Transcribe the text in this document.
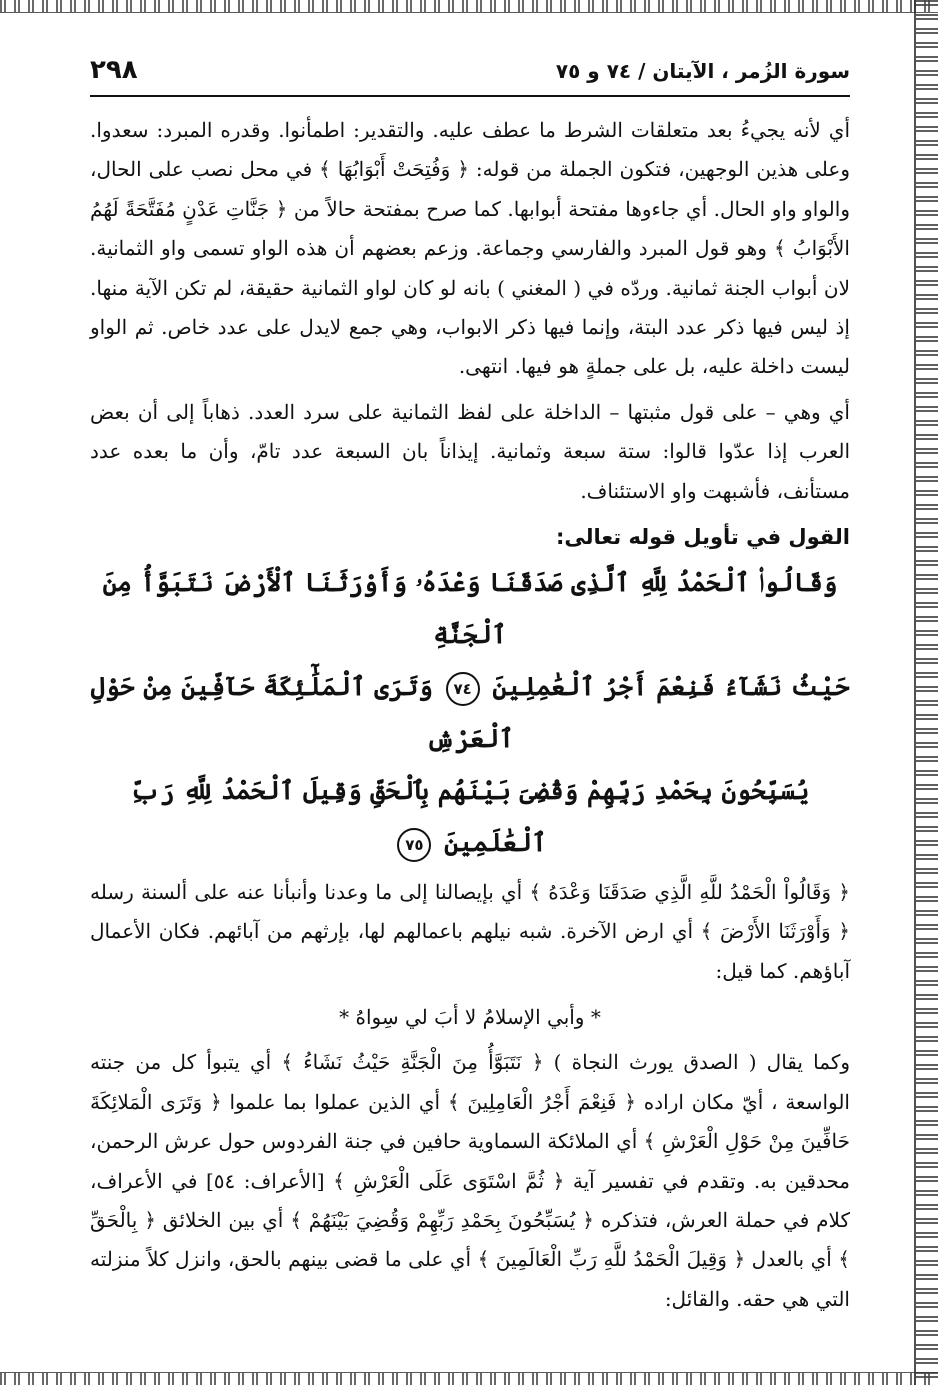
٢٩٨	سورة الزُمر ، الآيتان / ٧٤ و ٧٥

أي لأنه يجيءُ بعد متعلقات الشرط ما عطف عليه. والتقدير: اطمأنوا. وقدره المبرد: سعدوا. وعلى هذين الوجهين، فتكون الجملة من قوله: ﴿ وَفُتِحَتْ أَبْوَابُهَا ﴾ في محل نصب على الحال، والواو واو الحال. أي جاءوها مفتحة أبوابها. كما صرح بمفتحة حالاً من ﴿ جَنَّاتِ عَدْنٍ مُفَتَّحَةً لَهُمُ الأَبْوَابُ ﴾ وهو قول المبرد والفارسي وجماعة. وزعم بعضهم أن هذه الواو تسمى واو الثمانية. لان أبواب الجنة ثمانية. وردّه في ( المغني ) بانه لو كان لواو الثمانية حقيقة، لم تكن الآية منها. إذ ليس فيها ذكر عدد البتة، وإنما فيها ذكر الابواب، وهي جمع لايدل على عدد خاص. ثم الواو ليست داخلة عليه، بل على جملةٍ هو فيها. انتهى.

أي وهي – على قول مثبتها – الداخلة على لفظ الثمانية على سرد العدد. ذهاباً إلى أن بعض العرب إذا عدّوا قالوا: ستة سبعة وثمانية. إيذاناً بان السبعة عدد تامّ، وأن ما بعده عدد مستأنف، فأشبهت واو الاستئناف.

القول في تأويل قوله تعالى:
وَقَالُوا۟ ٱلْحَمْدُ لِلَّهِ ٱلَّذِى صَدَقَنَا وَعْدَهُۥ وَأَوْرَثَنَا ٱلْأَرْضَ نَتَبَوَّأُ مِنَ ٱلْجَنَّةِ
حَيْثُ نَشَآءُ فَنِعْمَ أَجْرُ ٱلْعَٰمِلِينَ ٧٤ وَتَرَى ٱلْمَلَٰٓئِكَةَ حَآفِّينَ مِنْ حَوْلِ ٱلْعَرْشِ
يُسَبِّحُونَ بِحَمْدِ رَبِّهِمْ وَقُضِىَ بَيْنَهُم بِٱلْحَقِّ وَقِيلَ ٱلْحَمْدُ لِلَّهِ رَبِّ ٱلْعَٰلَمِينَ ٧٥

﴿ وَقَالُواْ الْحَمْدُ للَّهِ الَّذِي صَدَقَنَا وَعْدَهُ ﴾ أي بإيصالنا إلى ما وعدنا وأنبأنا عنه على ألسنة رسله ﴿ وَأَوْرَثَنَا الأَرْضَ ﴾ أي ارض الآخرة. شبه نيلهم باعمالهم لها، بإرثهم من آبائهم. فكان الأعمال آباؤهم. كما قيل:

* وأبي الإسلامُ لا أبَ لي سِواهُ *

وكما يقال ( الصدق يورث النجاة ) ﴿ نَتَبَوَّأُ مِنَ الْجَنَّةِ حَيْثُ نَشَاءُ ﴾ أي يتبوأ كل من جنته الواسعة ، أيّ مكان اراده ﴿ فَنِعْمَ أَجْرُ الْعَامِلِينَ ﴾ أي الذين عملوا بما علموا ﴿ وَتَرَى الْمَلائِكَةَ حَافِّينَ مِنْ حَوْلِ الْعَرْشِ ﴾ أي الملائكة السماوية حافين في جنة الفردوس حول عرش الرحمن، محدقين به. وتقدم في تفسير آية ﴿ ثُمَّ اسْتَوَى عَلَى الْعَرْشِ ﴾ [الأعراف: ٥٤] في الأعراف، كلام في حملة العرش، فتذكره ﴿ يُسَبِّحُونَ بِحَمْدِ رَبِّهِمْ وَقُضِيَ بَيْنَهُمْ ﴾ أي بين الخلائق ﴿ بِالْحَقِّ ﴾ أي بالعدل ﴿ وَقِيلَ الْحَمْدُ للَّهِ رَبِّ الْعَالَمِينَ ﴾ أي على ما قضى بينهم بالحق، وانزل كلاً منزلته التي هي حقه. والقائل:
